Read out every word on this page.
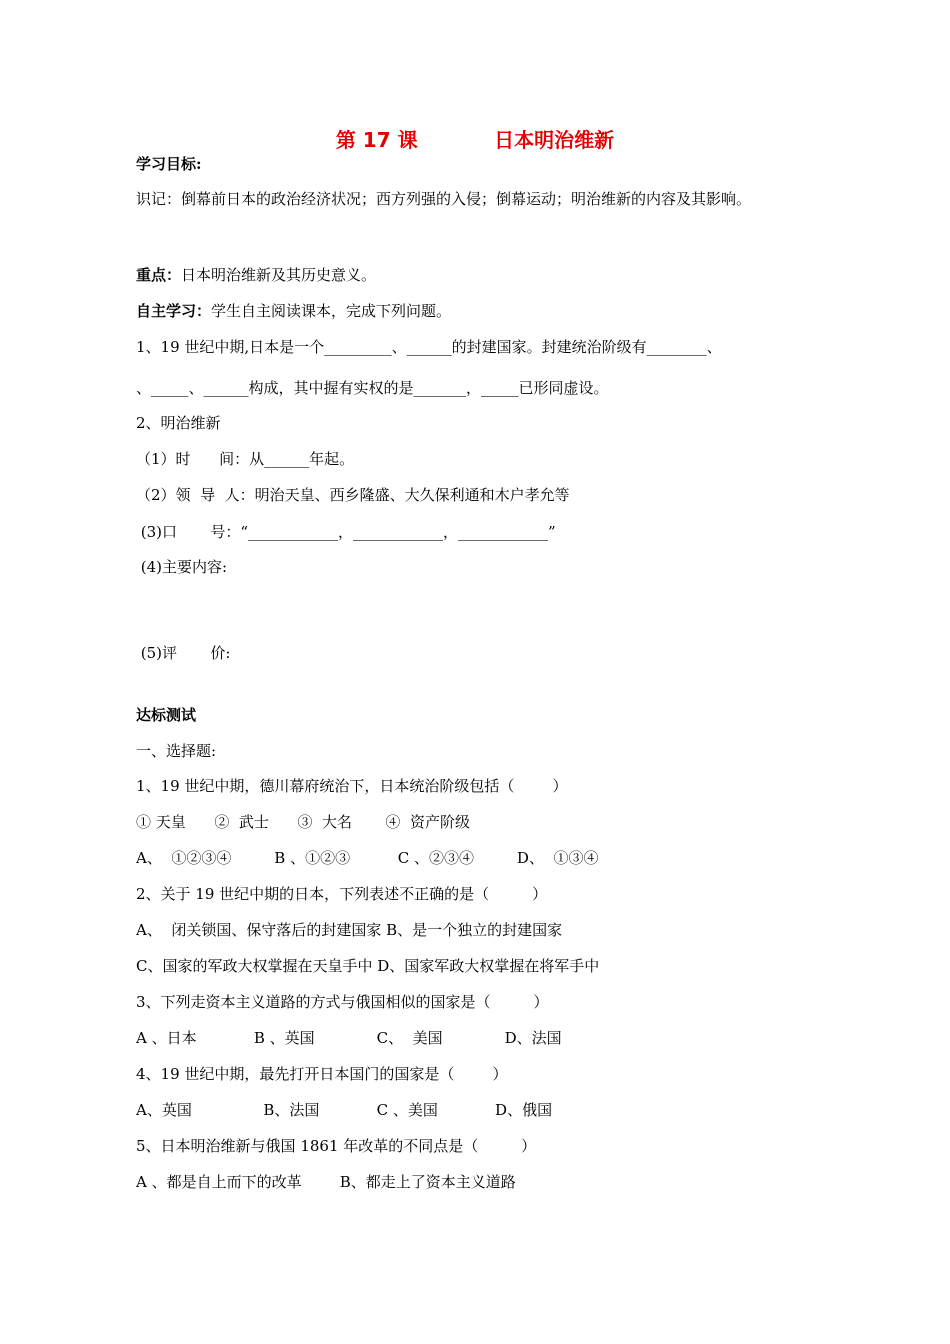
第 17 课           日本明治维新
学习目标:
识记：倒幕前日本的政治经济状况；西方列强的入侵；倒幕运动；明治维新的内容及其影响。
重点：日本明治维新及其历史意义。
自主学习：学生自主阅读课本，完成下列问题。
1、19 世纪中期,日本是一个_________、______的封建国家。封建统治阶级有________、
、_____、______构成，其中握有实权的是_______，_____已形同虚设。
2、明治维新
（1）时      间：从______年起。
（2）领  导  人：明治天皇、西乡隆盛、大久保利通和木户孝允等
(3)口       号：“____________，____________，____________”
(4)主要内容:
(5)评       价:
达标测试
一、选择题:
1、19 世纪中期，德川幕府统治下，日本统治阶级包括（        ）
① 天皇      ②  武士      ③  大名       ④  资产阶级
A、  ①②③④         B 、①②③          C 、②③④         D、  ①③④
2、关于 19 世纪中期的日本，下列表述不正确的是（         ）
A、  闭关锁国、保守落后的封建国家 B、是一个独立的封建国家
C、国家的军政大权掌握在天皇手中 D、国家军政大权掌握在将军手中
3、下列走资本主义道路的方式与俄国相似的国家是（         ）
A 、日本            B 、英国             C、  美国             D、法国
4、19 世纪中期，最先打开日本国门的国家是（        ）
A、英国               B、法国            C 、美国            D、俄国
5、日本明治维新与俄国 1861 年改革的不同点是（         ）
A 、都是自上而下的改革        B、都走上了资本主义道路
